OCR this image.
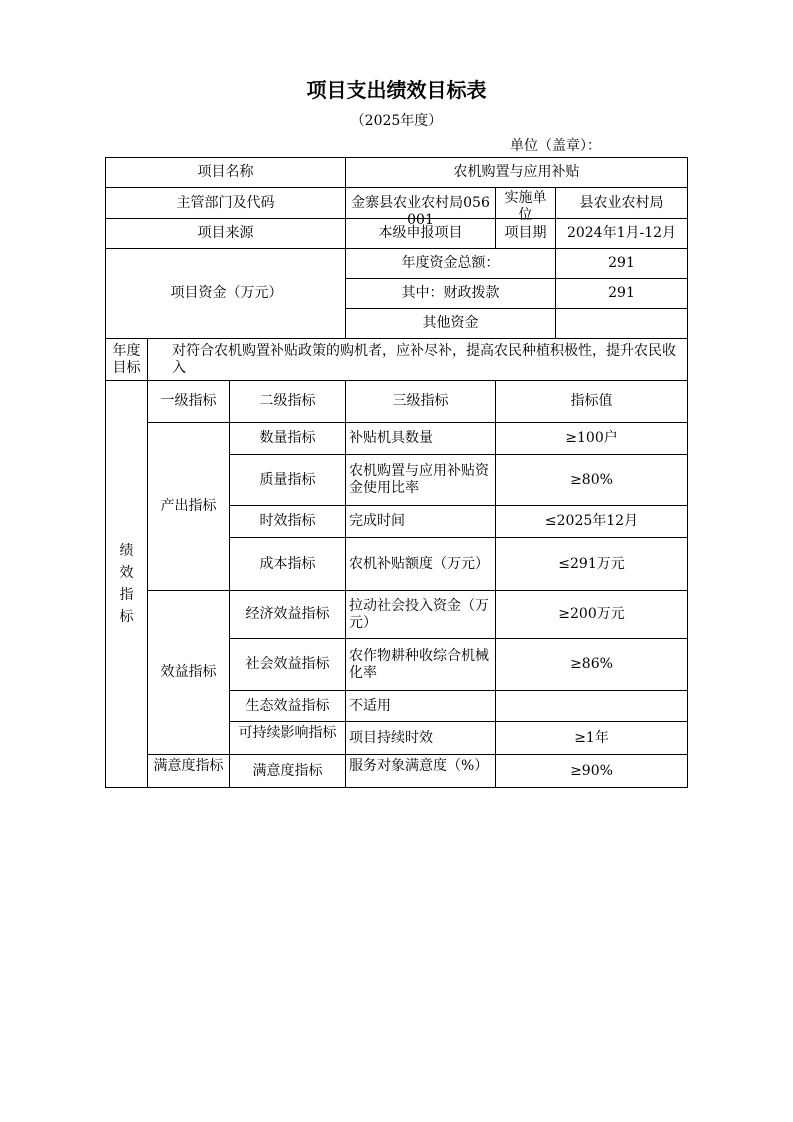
项目支出绩效目标表
（2025年度）
单位（盖章）：
项目名称			农机购置与应用补贴		
主管部门及代码			金寨县农业农村局056001	实施单位	县农业农村局
项目来源			本级申报项目	项目期	2024年1月-12月

项目资金（万元）			年度资金总额：		291
			其中：财政拨款		291
			其他资金		

年度目标	对符合农机购置补贴政策的购机者，应补尽补，提高农民种植积极性，提升农民收入				
绩效指标	一级指标	二级指标	三级指标	指标值	
	产出指标	数量指标	补贴机具数量	≥100户	
		质量指标	农机购置与应用补贴资金使用比率	≥80%	
		时效指标	完成时间	≤2025年12月	
		成本指标	农机补贴额度（万元）	≤291万元	
	效益指标	经济效益指标	拉动社会投入资金（万元）	≥200万元	
		社会效益指标	农作物耕种收综合机械化率	≥86%	
		生态效益指标	不适用		

		可持续影响指标	项目持续时效	≥1年	

	满意度指标	满意度指标	服务对象满意度（%）	≥90%	
